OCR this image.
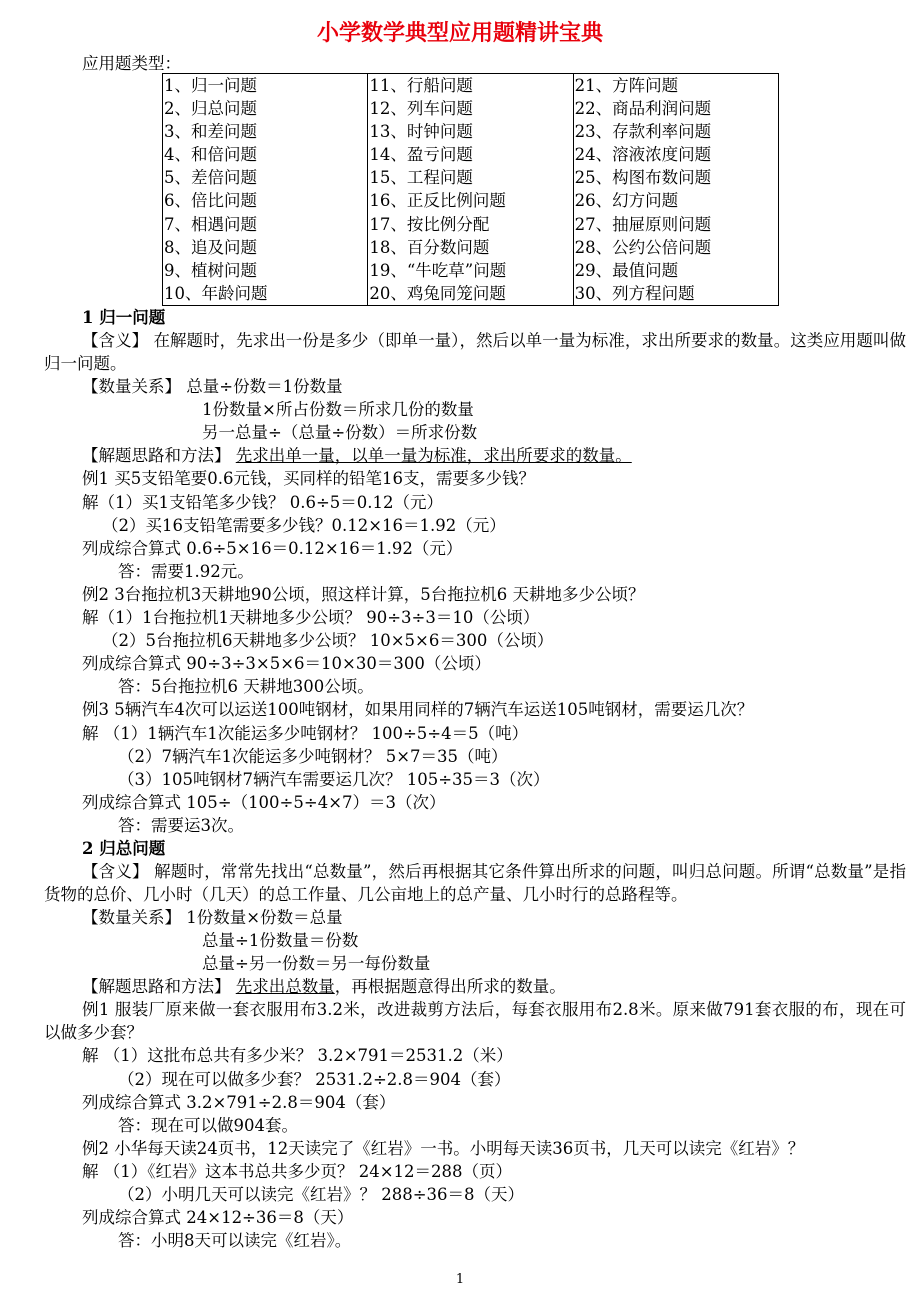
小学数学典型应用题精讲宝典
应用题类型：
1、归一问题	11、行船问题	21、方阵问题
2、归总问题	12、列车问题	22、商品利润问题
3、和差问题	13、时钟问题	23、存款利率问题
4、和倍问题	14、盈亏问题	24、溶液浓度问题
5、差倍问题	15、工程问题	25、构图布数问题
6、倍比问题	16、正反比例问题	26、幻方问题
7、相遇问题	17、按比例分配	27、抽屉原则问题
8、追及问题	18、百分数问题	28、公约公倍问题
9、植树问题	19、“牛吃草”问题	29、最值问题
10、年龄问题	20、鸡兔同笼问题	30、列方程问题
1 归一问题
【含义】 在解题时，先求出一份是多少（即单一量），然后以单一量为标准，求出所要求的数量。这类应用题叫做归一问题。
【数量关系】 总量÷份数＝1份数量
1份数量×所占份数＝所求几份的数量
另一总量÷（总量÷份数）＝所求份数
【解题思路和方法】 先求出单一量，以单一量为标准，求出所要求的数量。
例1 买5支铅笔要0.6元钱，买同样的铅笔16支，需要多少钱？
解（1）买1支铅笔多少钱？ 0.6÷5＝0.12（元）
（2）买16支铅笔需要多少钱？0.12×16＝1.92（元）
列成综合算式 0.6÷5×16＝0.12×16＝1.92（元）
答：需要1.92元。
例2 3台拖拉机3天耕地90公顷，照这样计算，5台拖拉机6 天耕地多少公顷？
解（1）1台拖拉机1天耕地多少公顷？ 90÷3÷3＝10（公顷）
（2）5台拖拉机6天耕地多少公顷？ 10×5×6＝300（公顷）
列成综合算式 90÷3÷3×5×6＝10×30＝300（公顷）
答：5台拖拉机6 天耕地300公顷。
例3 5辆汽车4次可以运送100吨钢材，如果用同样的7辆汽车运送105吨钢材，需要运几次？
解 （1）1辆汽车1次能运多少吨钢材？ 100÷5÷4＝5（吨）
（2）7辆汽车1次能运多少吨钢材？ 5×7＝35（吨）
（3）105吨钢材7辆汽车需要运几次？ 105÷35＝3（次）
列成综合算式 105÷（100÷5÷4×7）＝3（次）
答：需要运3次。
2 归总问题
【含义】 解题时，常常先找出“总数量”，然后再根据其它条件算出所求的问题，叫归总问题。所谓“总数量”是指货物的总价、几小时（几天）的总工作量、几公亩地上的总产量、几小时行的总路程等。
【数量关系】 1份数量×份数＝总量
总量÷1份数量＝份数
总量÷另一份数＝另一每份数量
【解题思路和方法】 先求出总数量，再根据题意得出所求的数量。
例1 服装厂原来做一套衣服用布3.2米，改进裁剪方法后，每套衣服用布2.8米。原来做791套衣服的布，现在可以做多少套？
解 （1）这批布总共有多少米？ 3.2×791＝2531.2（米）
（2）现在可以做多少套？ 2531.2÷2.8＝904（套）
列成综合算式 3.2×791÷2.8＝904（套）
答：现在可以做904套。
例2 小华每天读24页书，12天读完了《红岩》一书。小明每天读36页书，几天可以读完《红岩》？
解 （1）《红岩》这本书总共多少页？ 24×12＝288（页）
（2）小明几天可以读完《红岩》？ 288÷36＝8（天）
列成综合算式 24×12÷36＝8（天）
答：小明8天可以读完《红岩》。
1
